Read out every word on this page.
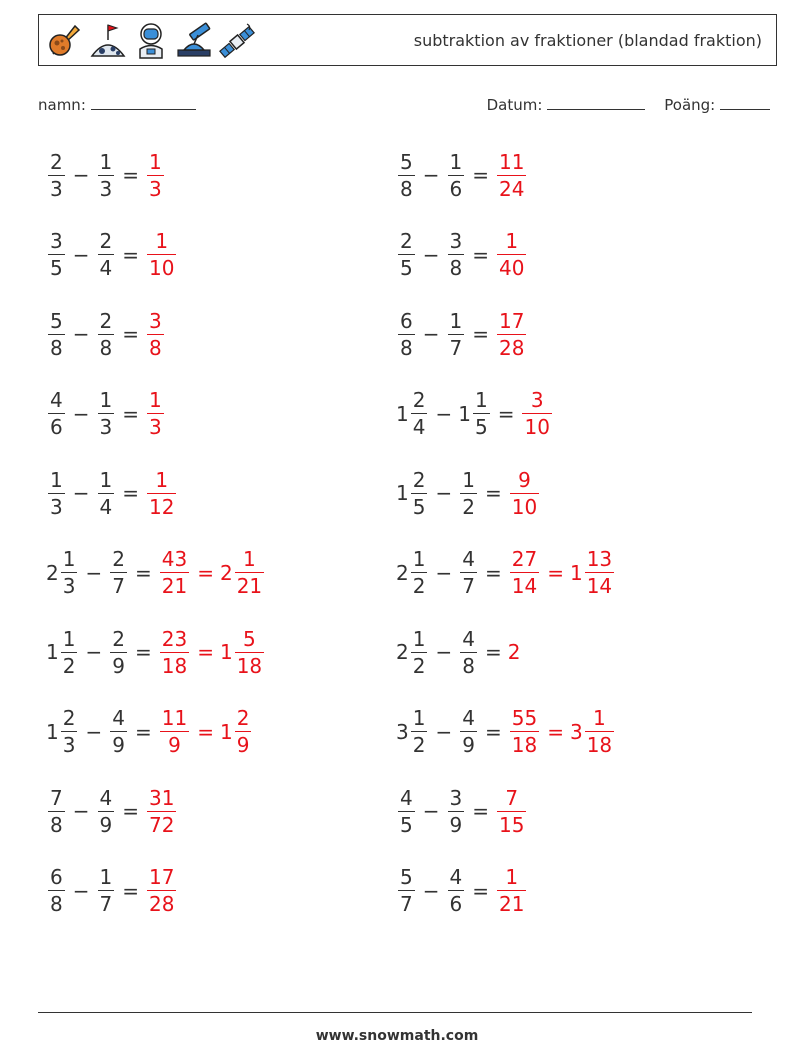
subtraktion av fraktioner (blandad fraktion)
namn:	Datum:	Poäng:
$\frac{2}{3} - \frac{1}{3} = \frac{1}{3}$
$\frac{3}{5} - \frac{2}{4} = \frac{1}{10}$
$\frac{5}{8} - \frac{2}{8} = \frac{3}{8}$
$\frac{4}{6} - \frac{1}{3} = \frac{1}{3}$
$\frac{1}{3} - \frac{1}{4} = \frac{1}{12}$
$2 \frac{1}{3} - \frac{2}{7} = \frac{43}{21} = 2 \frac{1}{21}$
$1 \frac{1}{2} - \frac{2}{9} = \frac{23}{18} = 1 \frac{5}{18}$
$1 \frac{2}{3} - \frac{4}{9} = \frac{11}{9} = 1 \frac{2}{9}$
$\frac{7}{8} - \frac{4}{9} = \frac{31}{72}$
$\frac{6}{8} - \frac{1}{7} = \frac{17}{28}$
$\frac{5}{8} - \frac{1}{6} = \frac{11}{24}$
$\frac{2}{5} - \frac{3}{8} = \frac{1}{40}$
$\frac{6}{8} - \frac{1}{7} = \frac{17}{28}$
$1 \frac{2}{4} - 1 \frac{1}{5} = \frac{3}{10}$
$1 \frac{2}{5} - \frac{1}{2} = \frac{9}{10}$
$2 \frac{1}{2} - \frac{4}{7} = \frac{27}{14} = 1 \frac{13}{14}$
$2 \frac{1}{2} - \frac{4}{8} = 2$
$3 \frac{1}{2} - \frac{4}{9} = \frac{55}{18} = 3 \frac{1}{18}$
$\frac{4}{5} - \frac{3}{9} = \frac{7}{15}$
$\frac{5}{7} - \frac{4}{6} = \frac{1}{21}$
www.snowmath.com
